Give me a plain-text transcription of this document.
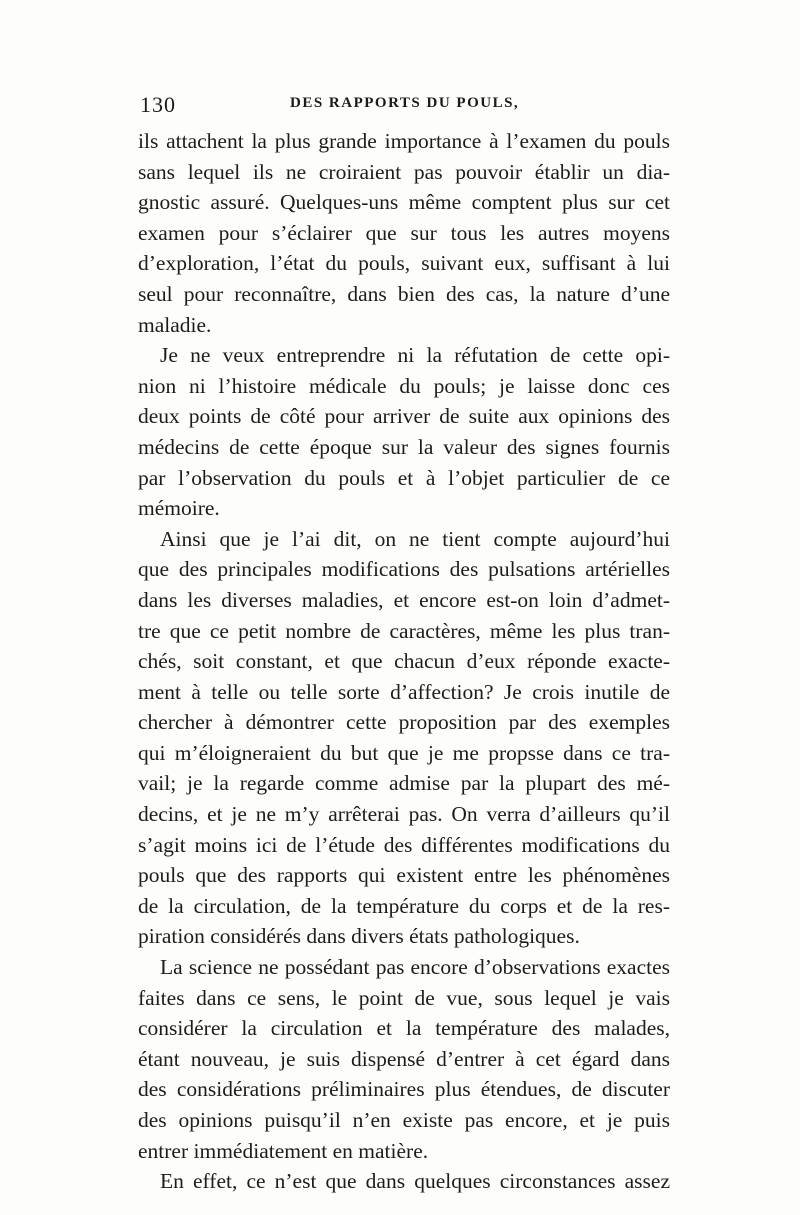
130	DES RAPPORTS DU POULS,
ils attachent la plus grande importance à l’examen du pouls
sans lequel ils ne croiraient pas pouvoir établir un dia-
gnostic assuré. Quelques-uns même comptent plus sur cet
examen pour s’éclairer que sur tous les autres moyens
d’exploration, l’état du pouls, suivant eux, suffisant à lui
seul pour reconnaître, dans bien des cas, la nature d’une
maladie.
Je ne veux entreprendre ni la réfutation de cette opi-
nion ni l’histoire médicale du pouls; je laisse donc ces
deux points de côté pour arriver de suite aux opinions des
médecins de cette époque sur la valeur des signes fournis
par l’observation du pouls et à l’objet particulier de ce
mémoire.
Ainsi que je l’ai dit, on ne tient compte aujourd’hui
que des principales modifications des pulsations artérielles
dans les diverses maladies, et encore est-on loin d’admet-
tre que ce petit nombre de caractères, même les plus tran-
chés, soit constant, et que chacun d’eux réponde exacte-
ment à telle ou telle sorte d’affection? Je crois inutile de
chercher à démontrer cette proposition par des exemples
qui m’éloigneraient du but que je me propsse dans ce tra-
vail; je la regarde comme admise par la plupart des mé-
decins, et je ne m’y arrêterai pas. On verra d’ailleurs qu’il
s’agit moins ici de l’étude des différentes modifications du
pouls que des rapports qui existent entre les phénomènes
de la circulation, de la température du corps et de la res-
piration considérés dans divers états pathologiques.
La science ne possédant pas encore d’observations exactes
faites dans ce sens, le point de vue, sous lequel je vais
considérer la circulation et la température des malades,
étant nouveau, je suis dispensé d’entrer à cet égard dans
des considérations préliminaires plus étendues, de discuter
des opinions puisqu’il n’en existe pas encore, et je puis
entrer immédiatement en matière.
En effet, ce n’est que dans quelques circonstances assez
